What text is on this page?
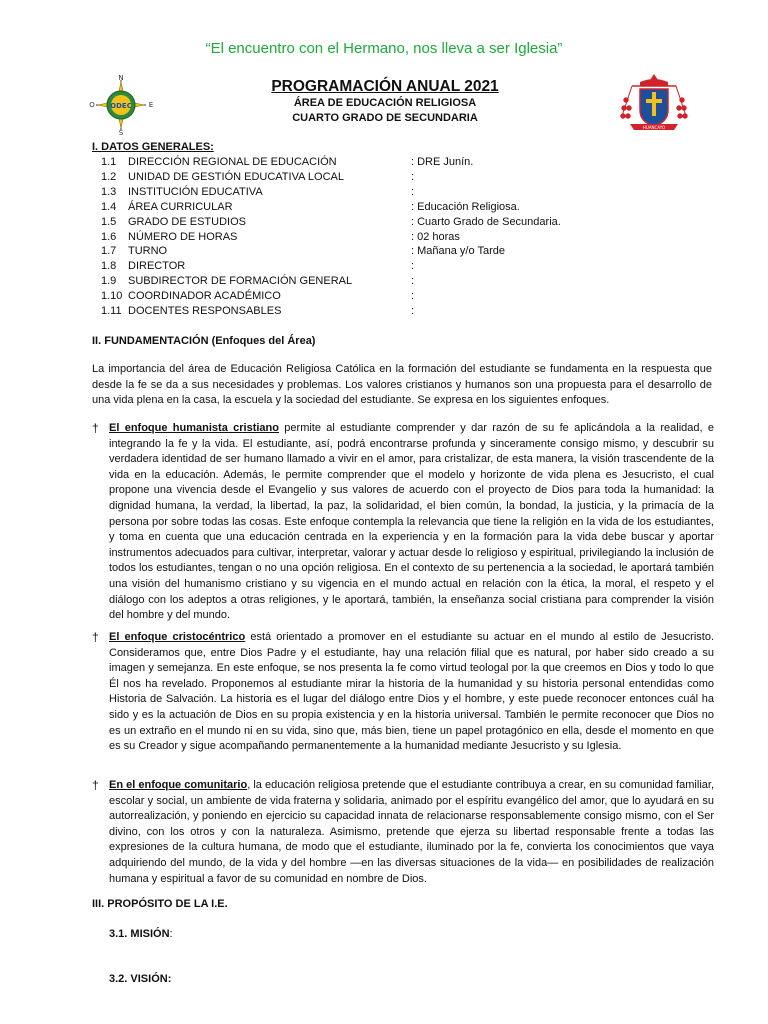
“El encuentro con el Hermano, nos lleva a ser Iglesia”
ODEC
N
S
E
O
HUANCAYO
PROGRAMACIÓN ANUAL 2021
ÁREA DE EDUCACIÓN RELIGIOSA
CUARTO GRADO DE SECUNDARIA
I. DATOS GENERALES:
1.1 DIRECCIÓN REGIONAL DE EDUCACIÓN	: DRE Junín.
1.2 UNIDAD DE GESTIÓN EDUCATIVA LOCAL	:
1.3 INSTITUCIÓN EDUCATIVA	:
1.4 ÁREA CURRICULAR	: Educación Religiosa.
1.5 GRADO DE ESTUDIOS	: Cuarto Grado de Secundaria.
1.6 NÚMERO DE HORAS	: 02 horas
1.7 TURNO	: Mañana y/o Tarde
1.8 DIRECTOR	:
1.9 SUBDIRECTOR DE FORMACIÓN GENERAL	:
1.10 COORDINADOR ACADÉMICO	:
1.11 DOCENTES RESPONSABLES	:
II. FUNDAMENTACIÓN (Enfoques del Área)

La importancia del área de Educación Religiosa Católica en la formación del estudiante se fundamenta en la respuesta que desde la fe se da a sus necesidades y problemas. Los valores cristianos y humanos son una propuesta para el desarrollo de una vida plena en la casa, la escuela y la sociedad del estudiante. Se expresa en los siguientes enfoques.

† El enfoque humanista cristiano permite al estudiante comprender y dar razón de su fe aplicándola a la realidad, e integrando la fe y la vida. El estudiante, así, podrá encontrarse profunda y sinceramente consigo mismo, y descubrir su verdadera identidad de ser humano llamado a vivir en el amor, para cristalizar, de esta manera, la visión trascendente de la vida en la educación. Además, le permite comprender que el modelo y horizonte de vida plena es Jesucristo, el cual propone una vivencia desde el Evangelio y sus valores de acuerdo con el proyecto de Dios para toda la humanidad: la dignidad humana, la verdad, la libertad, la paz, la solidaridad, el bien común, la bondad, la justicia, y la primacía de la persona por sobre todas las cosas. Este enfoque contempla la relevancia que tiene la religión en la vida de los estudiantes, y toma en cuenta que una educación centrada en la experiencia y en la formación para la vida debe buscar y aportar instrumentos adecuados para cultivar, interpretar, valorar y actuar desde lo religioso y espiritual, privilegiando la inclusión de todos los estudiantes, tengan o no una opción religiosa. En el contexto de su pertenencia a la sociedad, le aportará también una visión del humanismo cristiano y su vigencia en el mundo actual en relación con la ética, la moral, el respeto y el diálogo con los adeptos a otras religiones, y le aportará, también, la enseñanza social cristiana para comprender la visión del hombre y del mundo.
† El enfoque cristocéntrico está orientado a promover en el estudiante su actuar en el mundo al estilo de Jesucristo. Consideramos que, entre Dios Padre y el estudiante, hay una relación filial que es natural, por haber sido creado a su imagen y semejanza. En este enfoque, se nos presenta la fe como virtud teologal por la que creemos en Dios y todo lo que Él nos ha revelado. Proponemos al estudiante mirar la historia de la humanidad y su historia personal entendidas como Historia de Salvación. La historia es el lugar del diálogo entre Dios y el hombre, y este puede reconocer entonces cuál ha sido y es la actuación de Dios en su propia existencia y en la historia universal. También le permite reconocer que Dios no es un extraño en el mundo ni en su vida, sino que, más bien, tiene un papel protagónico en ella, desde el momento en que es su Creador y sigue acompañando permanentemente a la humanidad mediante Jesucristo y su Iglesia.
† En el enfoque comunitario, la educación religiosa pretende que el estudiante contribuya a crear, en su comunidad familiar, escolar y social, un ambiente de vida fraterna y solidaria, animado por el espíritu evangélico del amor, que lo ayudará en su autorrealización, y poniendo en ejercicio su capacidad innata de relacionarse responsablemente consigo mismo, con el Ser divino, con los otros y con la naturaleza. Asimismo, pretende que ejerza su libertad responsable frente a todas las expresiones de la cultura humana, de modo que el estudiante, iluminado por la fe, convierta los conocimientos que vaya adquiriendo del mundo, de la vida y del hombre —en las diversas situaciones de la vida— en posibilidades de realización humana y espiritual a favor de su comunidad en nombre de Dios.
III. PROPÓSITO DE LA I.E.
3.1. MISIÓN:
3.2. VISIÓN:
